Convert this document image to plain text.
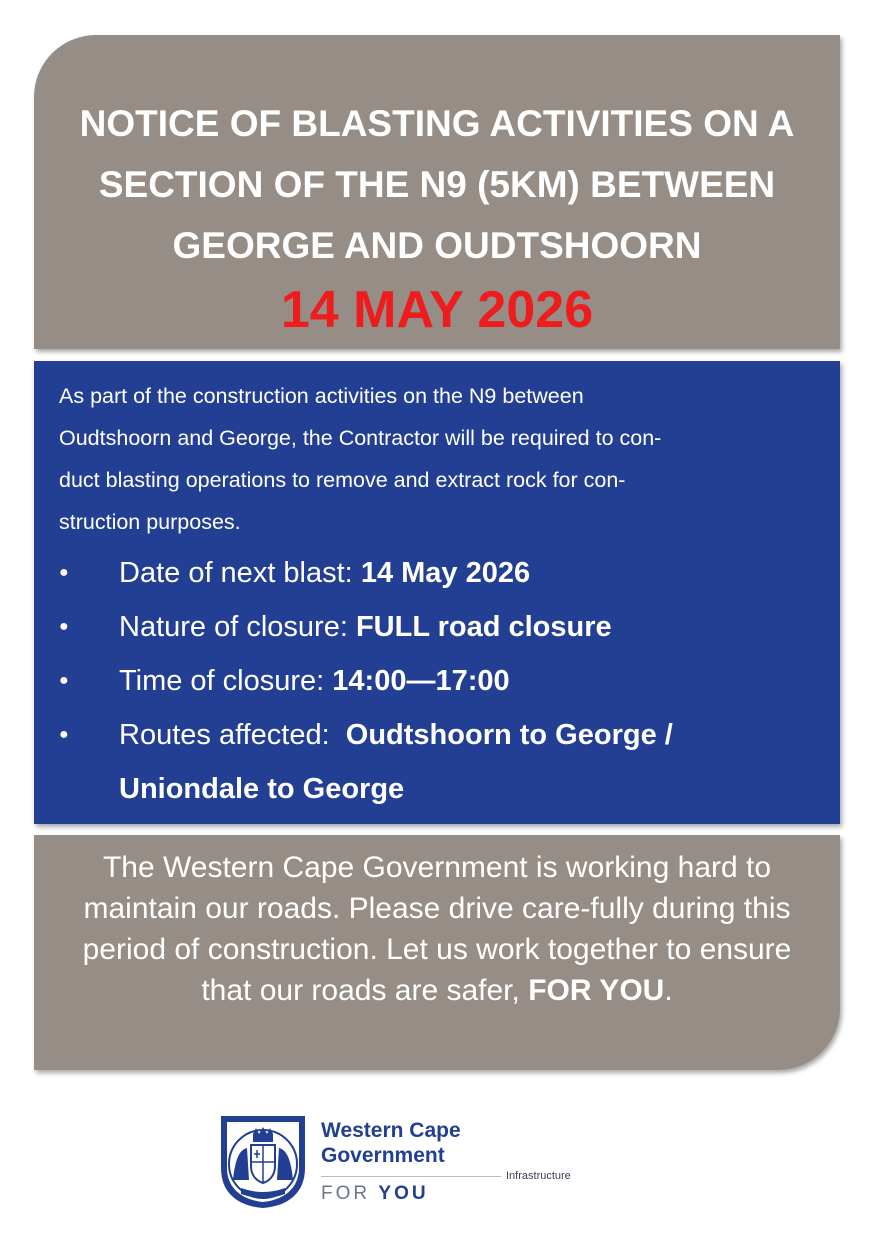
NOTICE OF BLASTING ACTIVITIES ON A
SECTION OF THE N9 (5KM) BETWEEN
GEORGE AND OUDTSHOORN
14 MAY 2026
As part of the construction activities on the N9 between
Oudtshoorn and George, the Contractor will be required to con-
duct blasting operations to remove and extract rock for con-
struction purposes.
● Date of next blast: 14 May 2026
● Nature of closure: FULL road closure
● Time of closure: 14:00—17:00
● Routes affected:  Oudtshoorn to George /
Uniondale to George
The Western Cape Government is working hard to maintain our roads. Please drive care-fully during this period of construction. Let us work together to ensure that our roads are safer, FOR YOU.
Western Cape
Government
FOR YOU
Infrastructure
